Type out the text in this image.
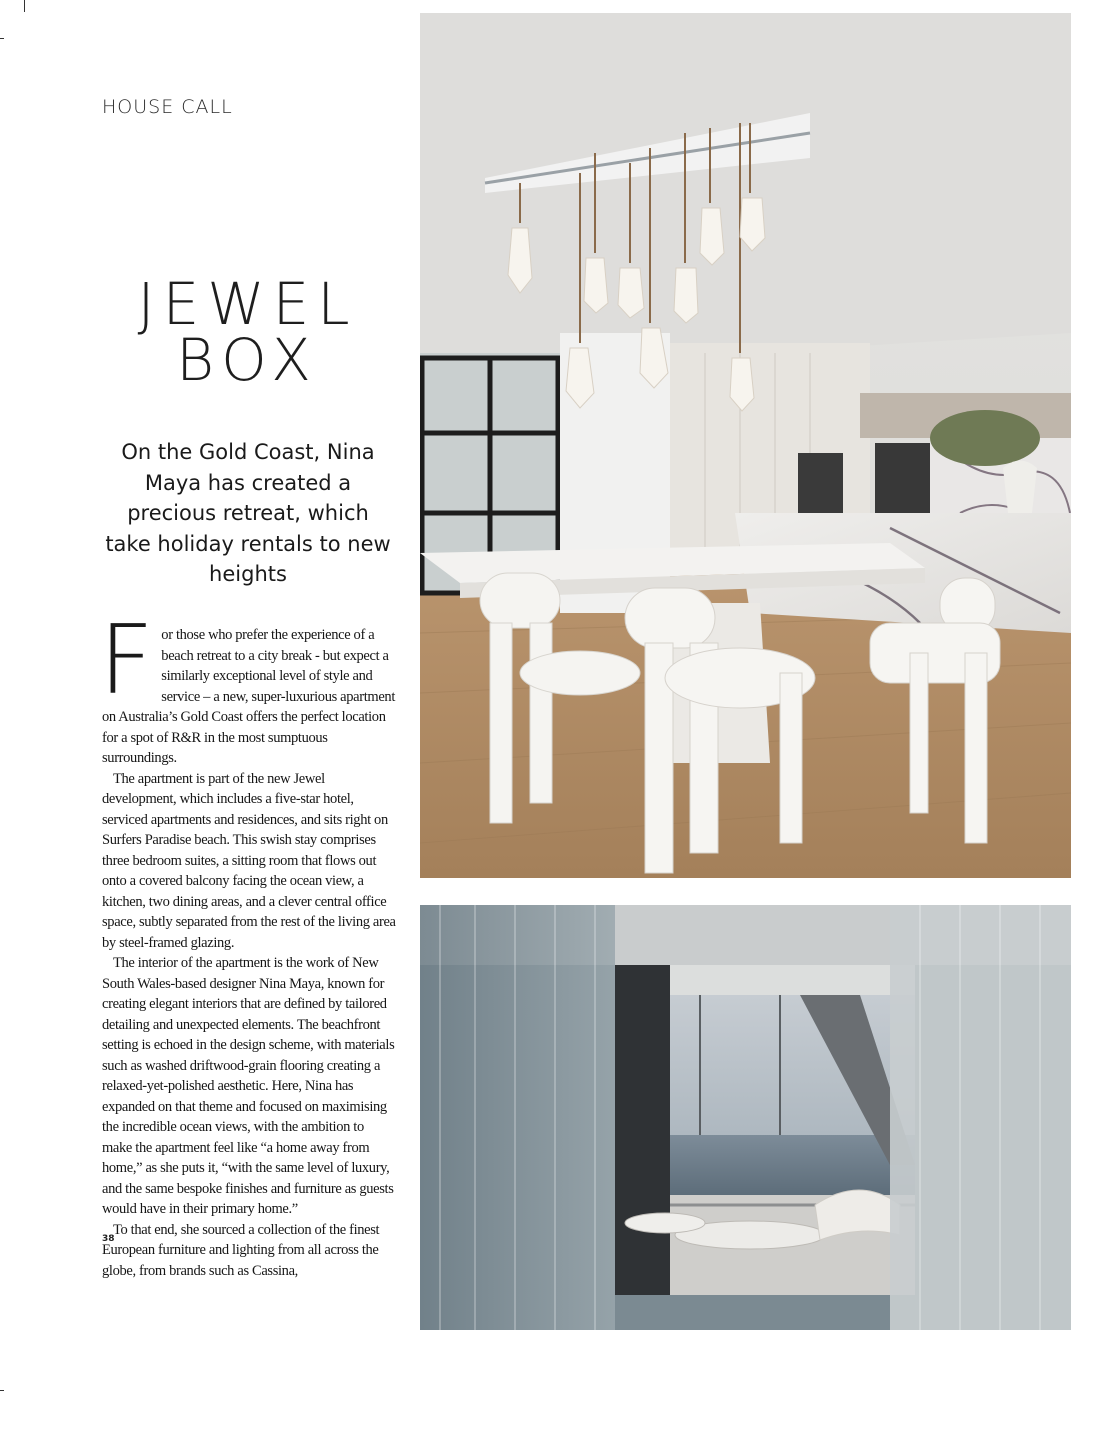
HOUSE CALL
JEWEL
BOX
On the Gold Coast, Nina Maya has created a precious retreat, which take holiday rentals to new heights

For those who prefer the experience of a beach retreat to a city break - but expect a similarly exceptional level of style and service – a new, super-luxurious apartment on Australia’s Gold Coast offers the perfect location for a spot of R&R in the most sumptuous surroundings.

The apartment is part of the new Jewel development, which includes a five-star hotel, serviced apartments and residences, and sits right on Surfers Paradise beach. This swish stay comprises three bedroom suites, a sitting room that flows out onto a covered balcony facing the ocean view, a kitchen, two dining areas, and a clever central office space, subtly separated from the rest of the living area by steel-framed glazing.

The interior of the apartment is the work of New South Wales-based designer Nina Maya, known for creating elegant interiors that are defined by tailored detailing and unexpected elements. The beachfront setting is echoed in the design scheme, with materials such as washed driftwood-grain flooring creating a relaxed-yet-polished aesthetic. Here, Nina has expanded on that theme and focused on maximising the incredible ocean views, with the ambition to make the apartment feel like “a home away from home,” as she puts it, “with the same level of luxury, and the same bespoke finishes and furniture as guests would have in their primary home.”

To that end, she sourced a collection of the finest European furniture and lighting from all across the globe, from brands such as Cassina,

38
